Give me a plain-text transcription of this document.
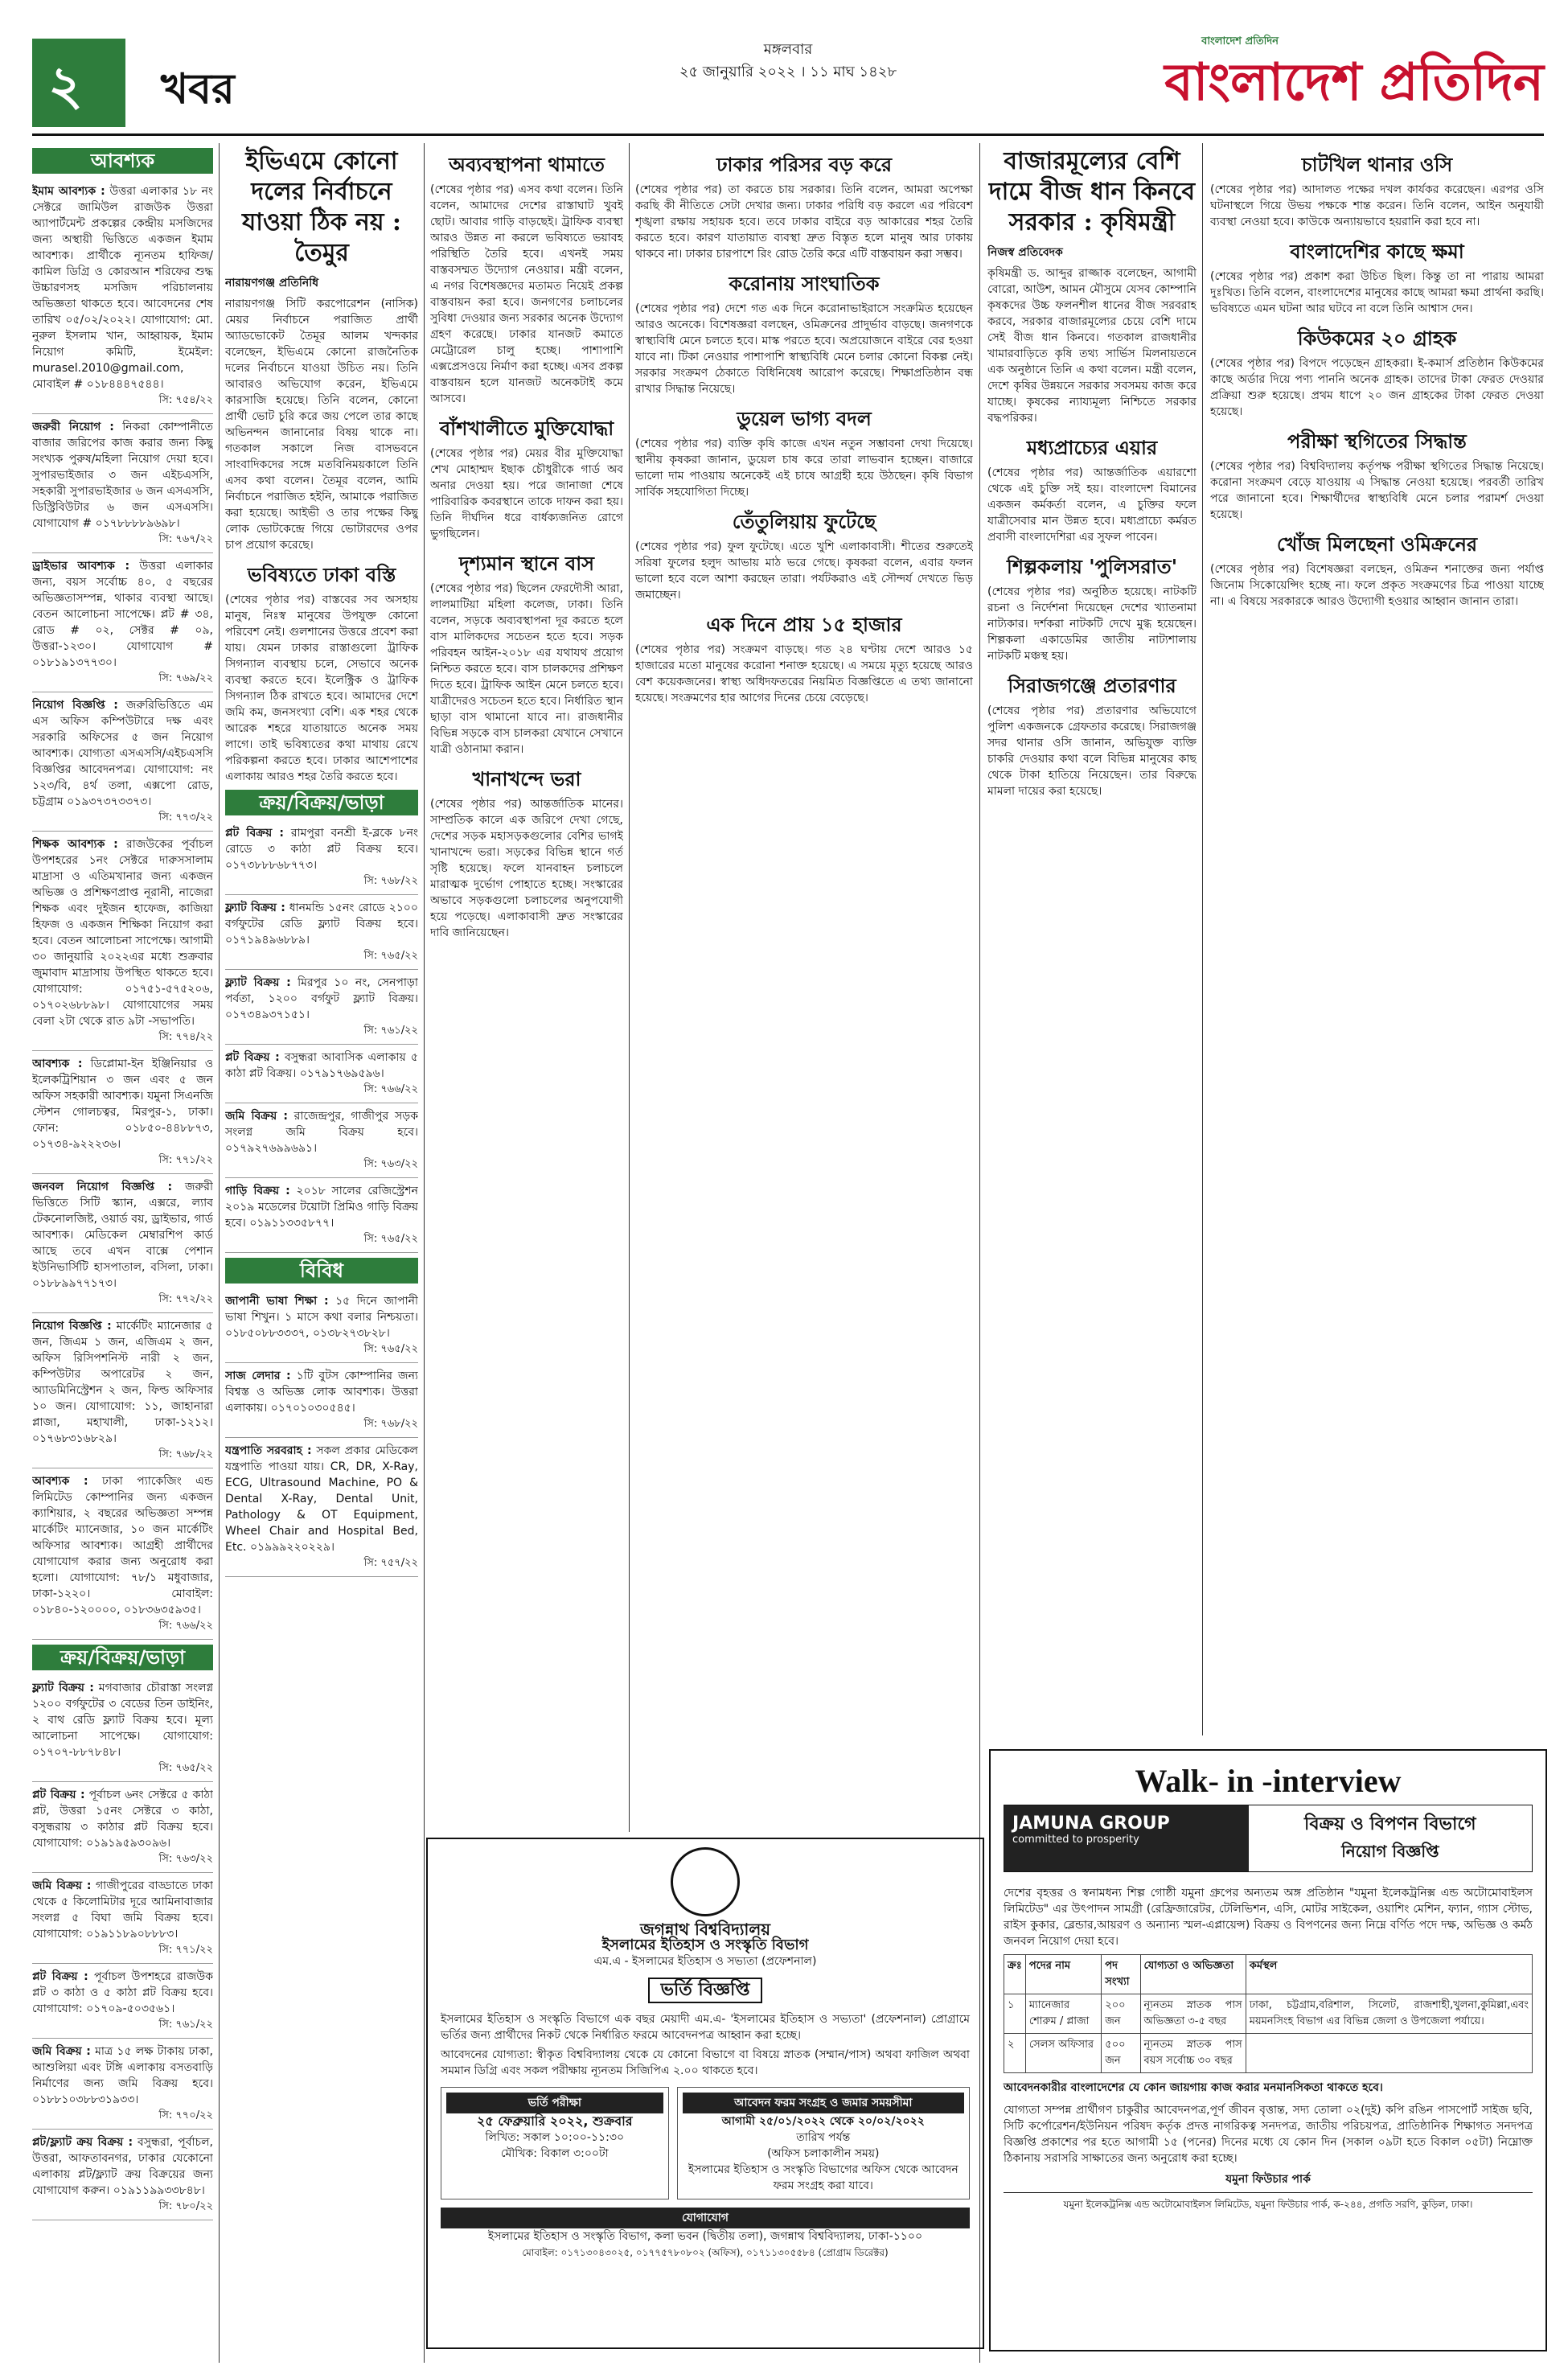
২ খবর
মঙ্গলবার
২৫ জানুয়ারি ২০২২ । ১১ মাঘ ১৪২৮
বাংলাদেশ প্রতিদিন
বাংলাদেশ প্রতিদিন
আবশ্যক
ইমাম আবশ্যক : উত্তরা এলাকার ১৮ নং সেক্টরে জামিউল রাজউক উত্তরা অ্যাপার্টমেন্ট প্রকল্পের কেন্দ্রীয় মসজিদের জন্য অস্থায়ী ভিত্তিতে একজন ইমাম আবশ্যক। প্রার্থীকে ন্যূনতম হাফিজ/কামিল ডিগ্রি ও কোরআন শরিফের শুদ্ধ উচ্চারণসহ মসজিদ পরিচালনায় অভিজ্ঞতা থাকতে হবে। আবেদনের শেষ তারিখ ০৫/০২/২০২২। যোগাযোগ: মো. নুরুল ইসলাম খান, আহ্বায়ক, ইমাম নিয়োগ কমিটি, ইমেইল: murasel.2010@gmail.com, মোবাইল # ০১৮৪৪৪৭৫৪৪।
সি: ৭৫৪/২২
জরুরী নিয়োগ : নিকরা কোম্পানীতে বাজার জরিপের কাজ করার জন্য কিছু সংখ্যক পুরুষ/মহিলা নিয়োগ দেয়া হবে। সুপারভাইজার ৩ জন এইচএসসি, সহকারী সুপারভাইজার ৬ জন এসএসসি, ডিস্ট্রিবিউটার ৬ জন এসএসসি। যোগাযোগ # ০১৭৮৮৮৮৯৬৯৮।
সি: ৭৬৭/২২
ড্রাইভার আবশ্যক : উত্তরা এলাকার জন্য, বয়স সর্বোচ্চ ৪০, ৫ বছরের অভিজ্ঞতাসম্পন্ন, থাকার ব্যবস্থা আছে। বেতন আলোচনা সাপেক্ষে। প্লট # ৩৪, রোড # ০২, সেক্টর # ০৯, উত্তরা-১২৩০।	যোগাযোগ # ০১৮১৯১৩৭৭৩০।
সি: ৭৬৯/২২
নিয়োগ বিজ্ঞপ্তি : জরুরিভিত্তিতে এম এস অফিস কম্পিউটারে দক্ষ এবং সরকারি অফিসের ৫ জন নিয়োগ আবশ্যক। যোগ্যতা এসএসসি/এইচএসসি বিজ্ঞপ্তির আবেদনপত্র। যোগাযোগ: নং ১২৩/বি, ৪র্থ তলা, এক্সপো রোড, চট্টগ্রাম ০১৯৩৭৩৭৩৩৭৩।
সি: ৭৭৩/২২
শিক্ষক আবশ্যক : রাজউকের পূর্বাচল উপশহরের ১নং সেক্টরে দারুসসালাম মাদ্রাসা ও এতিমখানার জন্য একজন অভিজ্ঞ ও প্রশিক্ষণপ্রাপ্ত নূরানী, নাজেরা শিক্ষক এবং দুইজন হাফেজ, কাজিয়া হিফজ ও একজন শিক্ষিকা নিয়োগ করা হবে। বেতন আলোচনা সাপেক্ষে। আগামী ৩০ জানুয়ারি ২০২২এর মধ্যে শুক্রবার জুমাবাদ মাদ্রাসায় উপস্থিত থাকতে হবে। যোগাযোগ: ০১৭৫১-৫৭৫২০৬, ০১৭০২৬৮৮৯৮। যোগাযোগের সময় বেলা ২টা থেকে রাত ৯টা -সভাপতি।
সি: ৭৭৪/২২
আবশ্যক : ডিপ্লোমা-ইন ইঞ্জিনিয়ার ও ইলেকট্রিশিয়ান ৩ জন এবং ৫ জন অফিস সহকারী আবশ্যক। যমুনা সিএনজি স্টেশন গোলচত্বর, মিরপুর-১, ঢাকা। ফোন: ০১৮৫০-৪৪৮৮৭৩, ০১৭৩৪-৯২২২৩৬।
সি: ৭৭১/২২
জনবল নিয়োগ বিজ্ঞপ্তি : জরুরী ভিত্তিতে সিটি স্ক্যান, এক্সরে, ল্যাব টেকনোলজিষ্ট, ওয়ার্ড বয়, ড্রাইভার, গার্ড আবশ্যক। মেডিকেল মেম্বারশিপ কার্ড আছে তবে এখন বাক্সে পেশান ইউনিভার্সিটি হাসপাতাল, বসিলা, ঢাকা। ০১৮৮৯৯৭৭১৭৩।
সি: ৭৭২/২২
নিয়োগ বিজ্ঞপ্তি : মার্কেটিং ম্যানেজার ৫ জন, জিএম ১ জন, এজিএম ২ জন, অফিস রিসিপশনিস্ট নারী ২ জন, কম্পিউটার অপারেটর ২ জন, অ্যাডমিনিস্ট্রেশন ২ জন, ফিল্ড অফিসার ১০ জন। যোগাযোগ: ১১, জাহানারা প্লাজা, মহাখালী, ঢাকা-১২১২। ০১৭৬৮৩১৬৮২৯।
সি: ৭৬৮/২২
আবশ্যক : ঢাকা প্যাকেজিং এন্ড লিমিটেড কোম্পানির জন্য একজন ক্যাশিয়ার, ২ বছরের অভিজ্ঞতা সম্পন্ন মার্কেটিং ম্যানেজার, ১০ জন মার্কেটিং অফিসার আবশ্যক। আগ্রহী প্রার্থীদের যোগাযোগ করার জন্য অনুরোধ করা হলো। যোগাযোগ: ৭৮/১ মধুবাজার, ঢাকা-১২২০। মোবাইল: ০১৮৪০-১২০০০০, ০১৮৩৬৩৫৯৩৫।
সি: ৭৬৬/২২
ক্রয়/বিক্রয়/ভাড়া
ফ্ল্যাট বিক্রয় : মগবাজার চৌরাস্তা সংলগ্ন ১২০০ বর্গফুটের ৩ বেডের তিন ডাইনিং, ২ বাথ রেডি ফ্ল্যাট বিক্রয় হবে। মূল্য আলোচনা সাপেক্ষে। যোগাযোগ: ০১৭০৭-৮৮৭৮৪৮।
সি: ৭৬৫/২২
প্লট বিক্রয় : পূর্বাচল ৬নং সেক্টরে ৫ কাঠা প্লট, উত্তরা ১৫নং সেক্টরে ৩ কাঠা, বসুন্ধরায় ৩ কাঠার প্লট বিক্রয় হবে। যোগাযোগ: ০১৯১৯৫৯৩০৯৬।
সি: ৭৬৩/২২
জমি বিক্রয় : গাজীপুরের বাড্ডাতে ঢাকা থেকে ৫ কিলোমিটার দূরে আমিনাবাজার সংলগ্ন ৫ বিঘা জমি বিক্রয় হবে। যোগাযোগ: ০১৯১১৮৯০৮৮৮৩।
সি: ৭৭১/২২
প্লট বিক্রয় : পূর্বাচল উপশহরে রাজউক প্লট ৩ কাঠা ও ৫ কাঠা প্লট বিক্রয় হবে। যোগাযোগ: ০১৭০৯-৫০৩৫৬১।
সি: ৭৬১/২২
জমি বিক্রয় : মাত্র ১৫ লক্ষ টাকায় ঢাকা, আশুলিয়া এবং টঙ্গি এলাকায় বসতবাড়ি নির্মাণের জন্য জমি বিক্রয় হবে। ০১৮৮১০৩৮৮৩১৯৩৩।
সি: ৭৭০/২২
প্লট/ফ্ল্যাট ক্রয় বিক্রয় : বসুন্ধরা, পূর্বাচল, উত্তরা, আফতাবনগর, ঢাকার যেকোনো এলাকায় প্লট/ফ্ল্যাট ক্রয় বিক্রয়ের জন্য যোগাযোগ করুন। ০১৯১১৯৯৩৩৮৪৮।
সি: ৭৮০/২২
ইভিএমে কোনো দলের নির্বাচনে যাওয়া ঠিক নয় : তৈমুর
নারায়ণগঞ্জ প্রতিনিধি

নারায়ণগঞ্জ সিটি করপোরেশন (নাসিক) মেয়র নির্বাচনে পরাজিত প্রার্থী অ্যাডভোকেট তৈমূর আলম খন্দকার বলেছেন, ইভিএমে কোনো রাজনৈতিক দলের নির্বাচনে যাওয়া উচিত নয়। তিনি আবারও অভিযোগ করেন, ইভিএমে কারসাজি হয়েছে। তিনি বলেন, কোনো প্রার্থী ভোট চুরি করে জয় পেলে তার কাছে অভিনন্দন জানানোর বিষয় থাকে না। গতকাল সকালে নিজ বাসভবনে সাংবাদিকদের সঙ্গে মতবিনিময়কালে তিনি এসব কথা বলেন। তৈমূর বলেন, আমি নির্বাচনে পরাজিত হইনি, আমাকে পরাজিত করা হয়েছে। আইভী ও তার পক্ষের কিছু লোক ভোটকেন্দ্রে গিয়ে ভোটারদের ওপর চাপ প্রয়োগ করেছে।

ভবিষ্যতে ঢাকা বস্তি

(শেষের পৃষ্ঠার পর) বাস্তবের সব অসহায় মানুষ, নিঃস্ব মানুষের উপযুক্ত কোনো পরিবেশ নেই। গুলশানের উত্তরে প্রবেশ করা যায়। যেমন ঢাকার রাস্তাগুলো ট্রাফিক সিগন্যাল ব্যবস্থায় চলে, সেভাবে অনেক ব্যবস্থা করতে হবে। ইলেক্ট্রিক ও ট্রাফিক সিগন্যাল ঠিক রাখতে হবে। আমাদের দেশে জমি কম, জনসংখ্যা বেশি। এক শহর থেকে আরেক শহরে যাতায়াতে অনেক সময় লাগে। তাই ভবিষ্যতের কথা মাথায় রেখে পরিকল্পনা করতে হবে। ঢাকার আশেপাশের এলাকায় আরও শহর তৈরি করতে হবে।

ক্রয়/বিক্রয়/ভাড়া
প্লট বিক্রয় : রামপুরা বনশ্রী ই-ব্লকে ৮নং রোডে ৩ কাঠা প্লট বিক্রয় হবে। ০১৭৩৮৮৮৬৮৭৭৩।
সি: ৭৬৮/২২
ফ্ল্যাট বিক্রয় : ধানমন্ডি ১৫নং রোডে ২১০০ বর্গফুটের রেডি ফ্ল্যাট বিক্রয় হবে। ০১৭১৯৪৯৬৮৮৯।
সি: ৭৬৫/২২
ফ্ল্যাট বিক্রয় : মিরপুর ১০ নং, সেনপাড়া পর্বতা, ১২০০ বর্গফুট ফ্ল্যাট বিক্রয়। ০১৭৩৪৯৩৭১৫১।
সি: ৭৬১/২২
প্লট বিক্রয় : বসুন্ধরা আবাসিক এলাকায় ৫ কাঠা প্লট বিক্রয়। ০১৭৯১৭৬৯৫৯৬।
সি: ৭৬৬/২২
জমি বিক্রয় : রাজেন্দ্রপুর, গাজীপুর সড়ক সংলগ্ন জমি বিক্রয় হবে। ০১৭৯২৭৬৯৯৬৯১।
সি: ৭৬৩/২২
গাড়ি বিক্রয় : ২০১৮ সালের রেজিস্ট্রেশন ২০১৯ মডেলের টয়োটা প্রিমিও গাড়ি বিক্রয় হবে। ০১৯১১৩৩৫৮৭৭।
সি: ৭৬৫/২২
বিবিধ
জাপানী ভাষা শিক্ষা : ১৫ দিনে জাপানী ভাষা শিখুন। ১ মাসে কথা বলার নিশ্চয়তা। ০১৮৫০৮৮৩৩৩৭, ০১৩৮২৭৩৮২৮।
সি: ৭৬৫/২২
সাজ লেদার : ১টি বুটস কোম্পানির জন্য বিশ্বস্ত ও অভিজ্ঞ লোক আবশ্যক। উত্তরা এলাকায়। ০১৭০১০৩০৫৪৫।
সি: ৭৬৮/২২
যন্ত্রপাতি সরবরাহ : সকল প্রকার মেডিকেল যন্ত্রপাতি পাওয়া যায়। CR, DR, X-Ray, ECG, Ultrasound Machine, PO & Dental X-Ray, Dental Unit, Pathology & OT Equipment, Wheel Chair and Hospital Bed, Etc. ০১৯৯৯২২০২২৯।
সি: ৭৫৭/২২
অব্যবস্থাপনা থামাতে

(শেষের পৃষ্ঠার পর) এসব কথা বলেন। তিনি বলেন, আমাদের দেশের রাস্তাঘাট খুবই ছোট। আবার গাড়ি বাড়ছেই। ট্রাফিক ব্যবস্থা আরও উন্নত না করলে ভবিষ্যতে ভয়াবহ পরিস্থিতি তৈরি হবে। এখনই সময় বাস্তবসম্মত উদ্যোগ নেওয়ার। মন্ত্রী বলেন, এ নগর বিশেষজ্ঞদের মতামত নিয়েই প্রকল্প বাস্তবায়ন করা হবে। জনগণের চলাচলের সুবিধা দেওয়ার জন্য সরকার অনেক উদ্যোগ গ্রহণ করেছে। ঢাকার যানজট কমাতে মেট্রোরেল চালু হচ্ছে। পাশাপাশি এক্সপ্রেসওয়ে নির্মাণ করা হচ্ছে। এসব প্রকল্প বাস্তবায়ন হলে যানজট অনেকটাই কমে আসবে।

বাঁশখালীতে মুক্তিযোদ্ধা

(শেষের পৃষ্ঠার পর) মেয়র বীর মুক্তিযোদ্ধা শেখ মোহাম্মদ ইছাক চৌধুরীকে গার্ড অব অনার দেওয়া হয়। পরে জানাজা শেষে পারিবারিক কবরস্থানে তাকে দাফন করা হয়। তিনি দীর্ঘদিন ধরে বার্ধক্যজনিত রোগে ভুগছিলেন।

দৃশ্যমান স্থানে বাস

(শেষের পৃষ্ঠার পর) ছিলেন ফেরদৌসী আরা, লালমাটিয়া মহিলা কলেজ, ঢাকা। তিনি বলেন, সড়কে অব্যবস্থাপনা দূর করতে হলে বাস মালিকদের সচেতন হতে হবে। সড়ক পরিবহন আইন-২০১৮ এর যথাযথ প্রয়োগ নিশ্চিত করতে হবে। বাস চালকদের প্রশিক্ষণ দিতে হবে। ট্রাফিক আইন মেনে চলতে হবে। যাত্রীদেরও সচেতন হতে হবে। নির্ধারিত স্থান ছাড়া বাস থামানো যাবে না। রাজধানীর বিভিন্ন সড়কে বাস চালকরা যেখানে সেখানে যাত্রী ওঠানামা করান।

খানাখন্দে ভরা

(শেষের পৃষ্ঠার পর) আন্তর্জাতিক মানের। সাম্প্রতিক কালে এক জরিপে দেখা গেছে, দেশের সড়ক মহাসড়কগুলোর বেশির ভাগই খানাখন্দে ভরা। সড়কের বিভিন্ন স্থানে গর্ত সৃষ্টি হয়েছে। ফলে যানবাহন চলাচলে মারাত্মক দুর্ভোগ পোহাতে হচ্ছে। সংস্কারের অভাবে সড়কগুলো চলাচলের অনুপযোগী হয়ে পড়েছে। এলাকাবাসী দ্রুত সংস্কারের দাবি জানিয়েছেন।

ঢাকার পরিসর বড় করে

(শেষের পৃষ্ঠার পর) তা করতে চায় সরকার। তিনি বলেন, আমরা অপেক্ষা করছি কী নীতিতে সেটা দেখার জন্য। ঢাকার পরিধি বড় করলে এর পরিবেশ শৃঙ্খলা রক্ষায় সহায়ক হবে। তবে ঢাকার বাইরে বড় আকারের শহর তৈরি করতে হবে। কারণ যাতায়াত ব্যবস্থা দ্রুত বিস্তৃত হলে মানুষ আর ঢাকায় থাকবে না। ঢাকার চারপাশে রিং রোড তৈরি করে এটি বাস্তবায়ন করা সম্ভব।

করোনায় সাংঘাতিক

(শেষের পৃষ্ঠার পর) দেশে গত এক দিনে করোনাভাইরাসে সংক্রমিত হয়েছেন আরও অনেকে। বিশেষজ্ঞরা বলছেন, ওমিক্রনের প্রাদুর্ভাব বাড়ছে। জনগণকে স্বাস্থ্যবিধি মেনে চলতে হবে। মাস্ক পরতে হবে। অপ্রয়োজনে বাইরে বের হওয়া যাবে না। টিকা নেওয়ার পাশাপাশি স্বাস্থ্যবিধি মেনে চলার কোনো বিকল্প নেই। সরকার সংক্রমণ ঠেকাতে বিধিনিষেধ আরোপ করেছে। শিক্ষাপ্রতিষ্ঠান বন্ধ রাখার সিদ্ধান্ত নিয়েছে।

ডুয়েল ভাগ্য বদল

(শেষের পৃষ্ঠার পর) ব্যক্তি কৃষি কাজে এখন নতুন সম্ভাবনা দেখা দিয়েছে। স্থানীয় কৃষকরা জানান, ডুয়েল চাষ করে তারা লাভবান হচ্ছেন। বাজারে ভালো দাম পাওয়ায় অনেকেই এই চাষে আগ্রহী হয়ে উঠছেন। কৃষি বিভাগ সার্বিক সহযোগিতা দিচ্ছে।

তেঁতুলিয়ায় ফুটেছে

(শেষের পৃষ্ঠার পর) ফুল ফুটেছে। এতে খুশি এলাকাবাসী। শীতের শুরুতেই সরিষা ফুলের হলুদ আভায় মাঠ ভরে গেছে। কৃষকরা বলেন, এবার ফলন ভালো হবে বলে আশা করছেন তারা। পর্যটকরাও এই সৌন্দর্য দেখতে ভিড় জমাচ্ছেন।

এক দিনে প্রায় ১৫ হাজার

(শেষের পৃষ্ঠার পর) সংক্রমণ বাড়ছে। গত ২৪ ঘণ্টায় দেশে আরও ১৫ হাজারের মতো মানুষের করোনা শনাক্ত হয়েছে। এ সময়ে মৃত্যু হয়েছে আরও বেশ কয়েকজনের। স্বাস্থ্য অধিদফতরের নিয়মিত বিজ্ঞপ্তিতে এ তথ্য জানানো হয়েছে। সংক্রমণের হার আগের দিনের চেয়ে বেড়েছে।

বাজারমূল্যের বেশি দামে বীজ ধান কিনবে সরকার : কৃষিমন্ত্রী
নিজস্ব প্রতিবেদক

কৃষিমন্ত্রী ড. আব্দুর রাজ্জাক বলেছেন, আগামী বোরো, আউশ, আমন মৌসুমে যেসব কোম্পানি কৃষকদের উচ্চ ফলনশীল ধানের বীজ সরবরাহ করবে, সরকার বাজারমূল্যের চেয়ে বেশি দামে সেই বীজ ধান কিনবে। গতকাল রাজধানীর খামারবাড়িতে কৃষি তথ্য সার্ভিস মিলনায়তনে এক অনুষ্ঠানে তিনি এ কথা বলেন। মন্ত্রী বলেন, দেশে কৃষির উন্নয়নে সরকার সবসময় কাজ করে যাচ্ছে। কৃষকের ন্যায্যমূল্য নিশ্চিতে সরকার বদ্ধপরিকর।

মধ্যপ্রাচ্যের এয়ার

(শেষের পৃষ্ঠার পর) আন্তর্জাতিক এয়ারশো থেকে এই চুক্তি সই হয়। বাংলাদেশ বিমানের একজন কর্মকর্তা বলেন, এ চুক্তির ফলে যাত্রীসেবার মান উন্নত হবে। মধ্যপ্রাচ্যে কর্মরত প্রবাসী বাংলাদেশিরা এর সুফল পাবেন।

শিল্পকলায় 'পুলিসরাত'

(শেষের পৃষ্ঠার পর) অনুষ্ঠিত হয়েছে। নাটকটি রচনা ও নির্দেশনা দিয়েছেন দেশের খ্যাতনামা নাট্যকার। দর্শকরা নাটকটি দেখে মুগ্ধ হয়েছেন। শিল্পকলা একাডেমির জাতীয় নাট্যশালায় নাটকটি মঞ্চস্থ হয়।

সিরাজগঞ্জে প্রতারণার

(শেষের পৃষ্ঠার পর) প্রতারণার অভিযোগে পুলিশ একজনকে গ্রেফতার করেছে। সিরাজগঞ্জ সদর থানার ওসি জানান, অভিযুক্ত ব্যক্তি চাকরি দেওয়ার কথা বলে বিভিন্ন মানুষের কাছ থেকে টাকা হাতিয়ে নিয়েছেন। তার বিরুদ্ধে মামলা দায়ের করা হয়েছে।

চাটখিল থানার ওসি

(শেষের পৃষ্ঠার পর) আদালত পক্ষের দখল কার্যকর করেছেন। এরপর ওসি ঘটনাস্থলে গিয়ে উভয় পক্ষকে শান্ত করেন। তিনি বলেন, আইন অনুযায়ী ব্যবস্থা নেওয়া হবে। কাউকে অন্যায়ভাবে হয়রানি করা হবে না।

বাংলাদেশির কাছে ক্ষমা

(শেষের পৃষ্ঠার পর) প্রকাশ করা উচিত ছিল। কিন্তু তা না পারায় আমরা দুঃখিত। তিনি বলেন, বাংলাদেশের মানুষের কাছে আমরা ক্ষমা প্রার্থনা করছি। ভবিষ্যতে এমন ঘটনা আর ঘটবে না বলে তিনি আশ্বাস দেন।

কিউকমের ২০ গ্রাহক

(শেষের পৃষ্ঠার পর) বিপদে পড়েছেন গ্রাহকরা। ই-কমার্স প্রতিষ্ঠান কিউকমের কাছে অর্ডার দিয়ে পণ্য পাননি অনেক গ্রাহক। তাদের টাকা ফেরত দেওয়ার প্রক্রিয়া শুরু হয়েছে। প্রথম ধাপে ২০ জন গ্রাহকের টাকা ফেরত দেওয়া হয়েছে।

পরীক্ষা স্থগিতের সিদ্ধান্ত

(শেষের পৃষ্ঠার পর) বিশ্ববিদ্যালয় কর্তৃপক্ষ পরীক্ষা স্থগিতের সিদ্ধান্ত নিয়েছে। করোনা সংক্রমণ বেড়ে যাওয়ায় এ সিদ্ধান্ত নেওয়া হয়েছে। পরবর্তী তারিখ পরে জানানো হবে। শিক্ষার্থীদের স্বাস্থ্যবিধি মেনে চলার পরামর্শ দেওয়া হয়েছে।

খোঁজ মিলছেনা ওমিক্রনের

(শেষের পৃষ্ঠার পর) বিশেষজ্ঞরা বলছেন, ওমিক্রন শনাক্তের জন্য পর্যাপ্ত জিনোম সিকোয়েন্সিং হচ্ছে না। ফলে প্রকৃত সংক্রমণের চিত্র পাওয়া যাচ্ছে না। এ বিষয়ে সরকারকে আরও উদ্যোগী হওয়ার আহ্বান জানান তারা।

জগন্নাথ বিশ্ববিদ্যালয়
ইসলামের ইতিহাস ও সংস্কৃতি বিভাগ
এম.এ - ইসলামের ইতিহাস ও সভ্যতা (প্রফেশনাল)
ভর্তি বিজ্ঞপ্তি

ইসলামের ইতিহাস ও সংস্কৃতি বিভাগে এক বছর মেয়াদী এম.এ- 'ইসলামের ইতিহাস ও সভ্যতা' (প্রফেশনাল) প্রোগ্রামে ভর্তির জন্য প্রার্থীদের নিকট থেকে নির্ধারিত ফরমে আবেদনপত্র আহ্বান করা হচ্ছে।

আবেদনের যোগ্যতা: স্বীকৃত বিশ্ববিদ্যালয় থেকে যে কোনো বিভাগে বা বিষয়ে স্নাতক (সম্মান/পাস) অথবা ফাজিল অথবা সমমান ডিগ্রি এবং সকল পরীক্ষায় ন্যূনতম সিজিপিএ ২.০০ থাকতে হবে।

ভর্তি পরীক্ষা
২৫ ফেব্রুয়ারি ২০২২, শুক্রবার
লিখিত: সকাল ১০:০০-১১:৩০
মৌখিক: বিকাল ৩:০০টা
আবেদন ফরম সংগ্রহ ও জমার সময়সীমা
আগামী ২৫/০১/২০২২ থেকে ২০/০২/২০২২
তারিখ পর্যন্ত
(অফিস চলাকালীন সময়)
ইসলামের ইতিহাস ও সংস্কৃতি বিভাগের অফিস থেকে আবেদন ফরম সংগ্রহ করা যাবে।
যোগাযোগ
ইসলামের ইতিহাস ও সংস্কৃতি বিভাগ, কলা ভবন (দ্বিতীয় তলা), জগন্নাথ বিশ্ববিদ্যালয়, ঢাকা-১১০০
মোবাইল: ০১৭১৩০৪৩০২৫, ০১৭৭৫৭৮০৮০২ (অফিস), ০১৭১১৩০৫৫৮৪ (প্রোগ্রাম ডিরেক্টর)
Walk- in -interview
JAMUNA GROUP
committed to prosperity
বিক্রয় ও বিপণন বিভাগে
নিয়োগ বিজ্ঞপ্তি

দেশের বৃহত্তর ও স্বনামধন্য শিল্প গোষ্ঠী যমুনা গ্রুপের অন্যতম অঙ্গ প্রতিষ্ঠান "যমুনা ইলেকট্রনিক্স এন্ড অটোমোবাইলস লিমিটেড" এর উৎপাদন সামগ্রী (রেফ্রিজারেটর, টেলিভিশন, এসি, মোটর সাইকেল, ওয়াশিং মেশিন, ফ্যান, গ্যাস স্টোভ, রাইস কুকার, ব্লেন্ডার,আয়রণ ও অন্যান্য স্মল-এপ্লায়েন্স) বিক্রয় ও বিপণনের জন্য নিম্নে বর্ণিত পদে দক্ষ, অভিজ্ঞ ও কর্মঠ জনবল নিয়োগ দেয়া হবে।

ক্রঃ	পদের নাম	পদ সংখ্যা	যোগ্যতা ও অভিজ্ঞতা	কর্মস্থল
১	ম্যানেজার শোরুম / প্লাজা	২০০ জন	ন্যূনতম স্নাতক পাস অভিজ্ঞতা ৩-৫ বছর	ঢাকা, চট্টগ্রাম,বরিশাল, সিলেট, রাজশাহী,খুলনা,কুমিল্লা,এবং ময়মনসিংহ বিভাগ এর বিভিন্ন জেলা ও উপজেলা পর্যায়ে।
২	সেলস অফিসার	৫০০ জন	ন্যূনতম স্নাতক পাস বয়স সর্বোচ্চ ৩০ বছর	

আবেদনকারীর বাংলাদেশের যে কোন জায়গায় কাজ করার মনমানসিকতা থাকতে হবে।

যোগ্যতা সম্পন্ন প্রার্থীগণ চাকুরীর আবেদনপত্র,পূর্ণ জীবন বৃত্তান্ত, সদ্য তোলা ০২(দুই) কপি রঙিন পাসপোর্ট সাইজ ছবি, সিটি কর্পোরেশন/ইউনিয়ন পরিষদ কর্তৃক প্রদত্ত নাগরিকত্ব সনদপত্র, জাতীয় পরিচয়পত্র, প্রাতিষ্ঠানিক শিক্ষাগত সনদপত্র বিজ্ঞপ্তি প্রকাশের পর হতে আগামী ১৫ (পনের) দিনের মধ্যে যে কোন দিন (সকাল ০৯টা হতে বিকাল ০৫টা) নিম্নোক্ত ঠিকানায় সরাসরি সাক্ষাতের জন্য অনুরোধ করা হচ্ছে।

যমুনা ফিউচার পার্ক
যমুনা ইলেকট্রনিক্স এন্ড অটোমোবাইলস লিমিটেড, যমুনা ফিউচার পার্ক, ক-২৪৪, প্রগতি সরণি, কুড়িল, ঢাকা।
